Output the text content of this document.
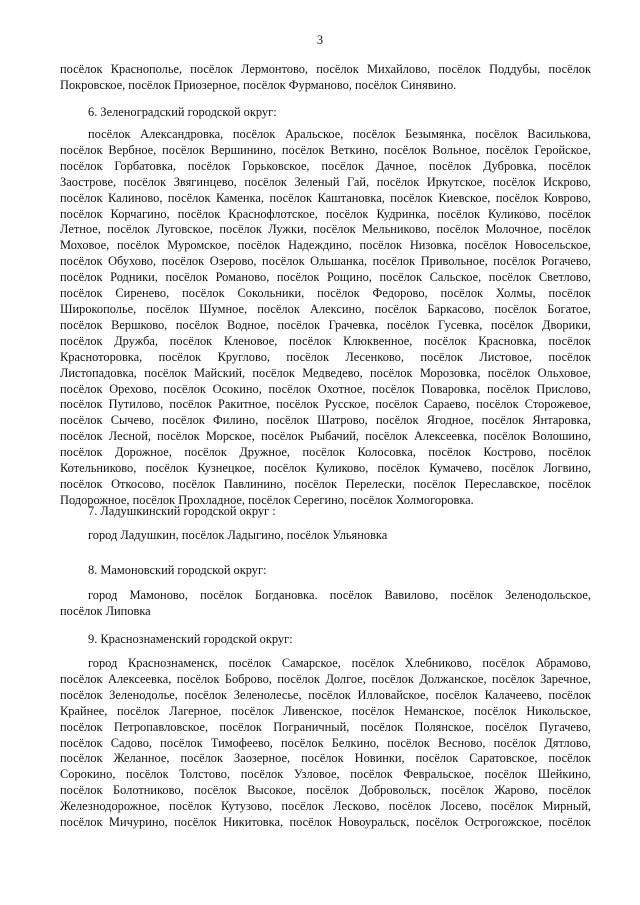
3
посёлок Краснополье, посёлок Лермонтово, посёлок Михайлово, посёлок Поддубы, посёлок
Покровское, посёлок Приозерное, посёлок Фурманово, посёлок Синявино.
6. Зеленоградский городской округ:
посёлок Александровка, посёлок Аральское, посёлок Безымянка, посёлок Василькова,
посёлок Вербное, посёлок Вершинино, посёлок Веткино, посёлок Вольное, посёлок Геройское,
посёлок Горбатовка, посёлок Горьковское, посёлок Дачное, посёлок Дубровка, посёлок
Заострове, посёлок Звягинцево, посёлок Зеленый Гай, посёлок Иркутское, посёлок Искрово,
посёлок Калиново, посёлок Каменка, посёлок Каштановка, посёлок Киевское, посёлок Коврово,
посёлок Корчагино, посёлок Краснофлотское, посёлок Кудринка, посёлок Куликово, посёлок
Летное, посёлок Луговское, посёлок Лужки, посёлок Мельниково, посёлок Молочное, посёлок
Моховое, посёлок Муромское, посёлок Надеждино, посёлок Низовка, посёлок Новосельское,
посёлок Обухово, посёлок Озерово, посёлок Ольшанка, посёлок Привольное, посёлок Рогачево,
посёлок Родники, посёлок Романово, посёлок Рощино, посёлок Сальское, посёлок Светлово,
посёлок Сиренево, посёлок Сокольники, посёлок Федорово, посёлок Холмы, посёлок
Широкополье, посёлок Шумное, посёлок Алексино, посёлок Баркасово, посёлок Богатое,
посёлок Вершково, посёлок Водное, посёлок Грачевка, посёлок Гусевка, посёлок Дворики,
посёлок Дружба, посёлок Кленовое, посёлок Клюквенное, посёлок Красновка, посёлок
Красноторовка, посёлок Круглово, посёлок Лесенково, посёлок Листовое, посёлок
Листопадовка, посёлок Майский, посёлок Медведево, посёлок Морозовка, посёлок Ольховое,
посёлок Орехово, посёлок Осокино, посёлок Охотное, посёлок Поваровка, посёлок Прислово,
посёлок Путилово, посёлок Ракитное, посёлок Русское, посёлок Сараево, посёлок Сторожевое,
посёлок Сычево, посёлок Филино, посёлок Шатрово, посёлок Ягодное, посёлок Янтаровка,
посёлок Лесной, посёлок Морское, посёлок Рыбачий, посёлок Алексеевка, посёлок Волошино,
посёлок Дорожное, посёлок Дружное, посёлок Колосовка, посёлок Кострово, посёлок
Котельниково, посёлок Кузнецкое, посёлок Куликово, посёлок Кумачево, посёлок Логвино,
посёлок Откосово, посёлок Павлинино, посёлок Перелески, посёлок Переславское, посёлок
Подорожное, посёлок Прохладное, посёлок Серегино, посёлок Холмогоровка.
7. Ладушкинский городской округ :
город Ладушкин, посёлок Ладыгино, посёлок Ульяновка
8. Мамоновский городской округ:
город Мамоново, посёлок Богдановка. посёлок Вавилово, посёлок Зеленодольское,
посёлок Липовка
9. Краснознаменский городской округ:
город Краснознаменск, посёлок Самарское, посёлок Хлебниково, посёлок Абрамово,
посёлок Алексеевка, посёлок Боброво, посёлок Долгое, посёлок Должанское, посёлок Заречное,
посёлок Зеленодолье, посёлок Зеленолесье, посёлок Илловайское, посёлок Калачеево, посёлок
Крайнее, посёлок Лагерное, посёлок Ливенское, посёлок Неманское, посёлок Никольское,
посёлок Петропавловское, посёлок Пограничный, посёлок Полянское, посёлок Пугачево,
посёлок Садово, посёлок Тимофеево, посёлок Белкино, посёлок Весново, посёлок Дятлово,
посёлок Желанное, посёлок Заозерное, посёлок Новинки, посёлок Саратовское, посёлок
Сорокино, посёлок Толстово, посёлок Узловое, посёлок Февральское, посёлок Шейкино,
посёлок Болотниково, посёлок Высокое, посёлок Добровольск, посёлок Жарово, посёлок
Железнодорожное, посёлок Кутузово, посёлок Лесково, посёлок Лосево, посёлок Мирный,
посёлок Мичурино, посёлок Никитовка, посёлок Новоуральск, посёлок Острогожское, посёлок
